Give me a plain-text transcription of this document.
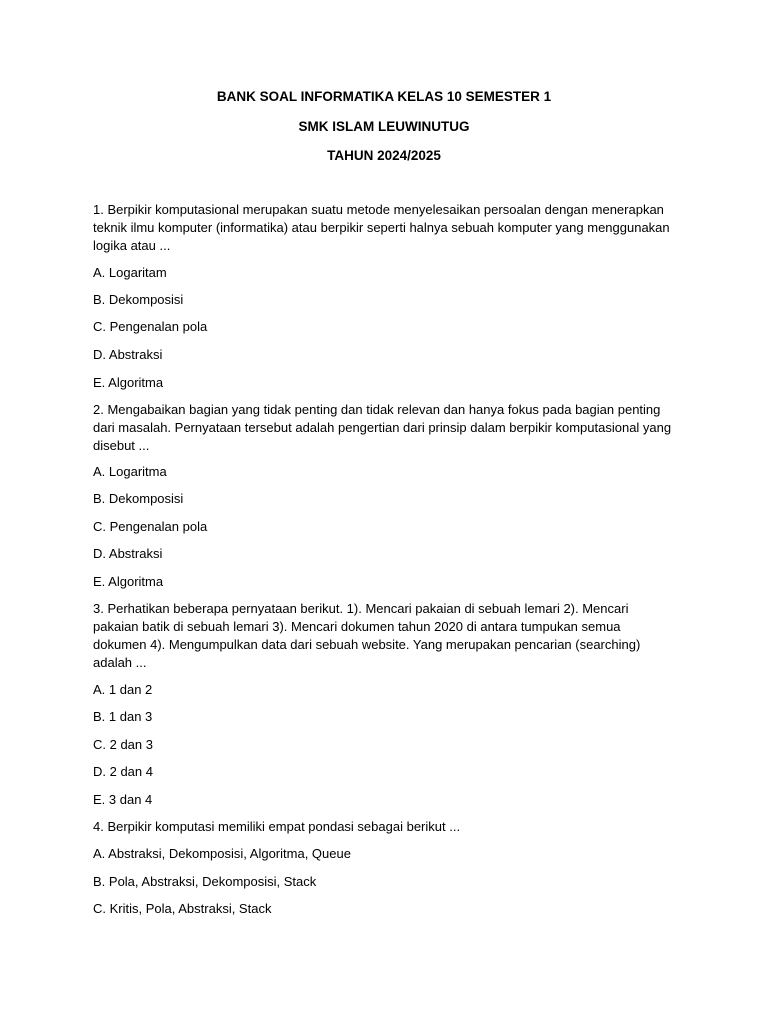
BANK SOAL INFORMATIKA KELAS 10 SEMESTER 1
SMK ISLAM LEUWINUTUG
TAHUN 2024/2025

1. Berpikir komputasional merupakan suatu metode menyelesaikan persoalan dengan menerapkan teknik ilmu komputer (informatika) atau berpikir seperti halnya sebuah komputer yang menggunakan logika atau ...

A. Logaritam
B. Dekomposisi
C. Pengenalan pola
D. Abstraksi
E. Algoritma

2. Mengabaikan bagian yang tidak penting dan tidak relevan dan hanya fokus pada bagian penting dari masalah. Pernyataan tersebut adalah pengertian dari prinsip dalam berpikir komputasional yang disebut ...

A. Logaritma
B. Dekomposisi
C. Pengenalan pola
D. Abstraksi
E. Algoritma

3. Perhatikan beberapa pernyataan berikut. 1). Mencari pakaian di sebuah lemari 2). Mencari pakaian batik di sebuah lemari 3). Mencari dokumen tahun 2020 di antara tumpukan semua dokumen 4). Mengumpulkan data dari sebuah website. Yang merupakan pencarian (searching) adalah ...

A. 1 dan 2
B. 1 dan 3
C. 2 dan 3
D. 2 dan 4
E. 3 dan 4

4. Berpikir komputasi memiliki empat pondasi sebagai berikut ...

A. Abstraksi, Dekomposisi, Algoritma, Queue
B. Pola, Abstraksi, Dekomposisi, Stack
C. Kritis, Pola, Abstraksi, Stack
